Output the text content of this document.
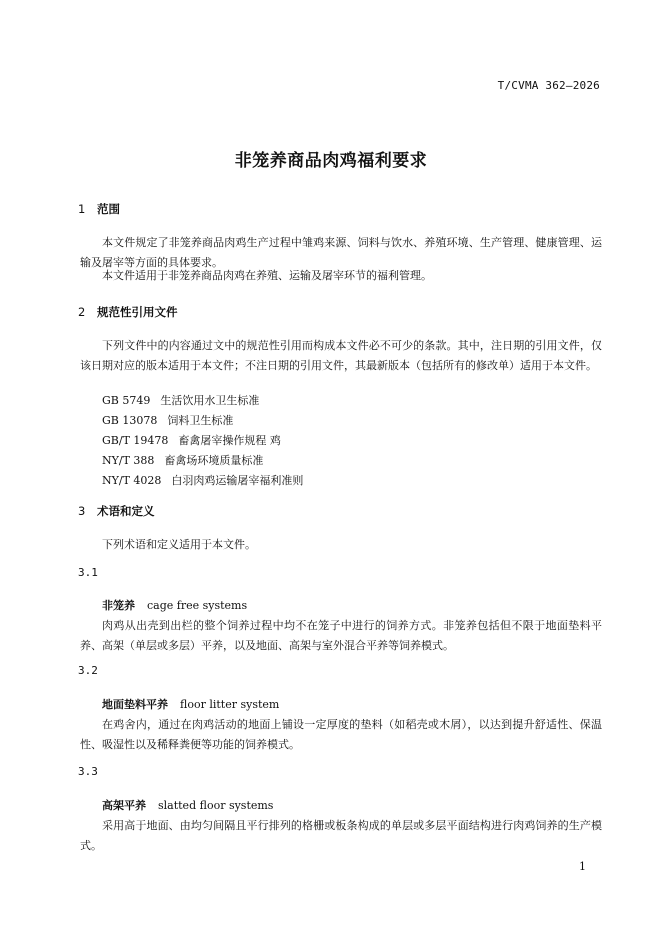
T/CVMA 362—2026
非笼养商品肉鸡福利要求
1 范围
本文件规定了非笼养商品肉鸡生产过程中雏鸡来源、饲料与饮水、养殖环境、生产管理、健康管理、运输及屠宰等方面的具体要求。
本文件适用于非笼养商品肉鸡在养殖、运输及屠宰环节的福利管理。
2 规范性引用文件
下列文件中的内容通过文中的规范性引用而构成本文件必不可少的条款。其中，注日期的引用文件，仅该日期对应的版本适用于本文件；不注日期的引用文件，其最新版本（包括所有的修改单）适用于本文件。
GB 5749 生活饮用水卫生标准
GB 13078 饲料卫生标准
GB/T 19478 畜禽屠宰操作规程 鸡
NY/T 388 畜禽场环境质量标准
NY/T 4028 白羽肉鸡运输屠宰福利准则
3 术语和定义
下列术语和定义适用于本文件。
3.1
非笼养 cage free systems
肉鸡从出壳到出栏的整个饲养过程中均不在笼子中进行的饲养方式。非笼养包括但不限于地面垫料平养、高架（单层或多层）平养，以及地面、高架与室外混合平养等饲养模式。
3.2
地面垫料平养 floor litter system
在鸡舍内，通过在肉鸡活动的地面上铺设一定厚度的垫料（如稻壳或木屑），以达到提升舒适性、保温性、吸湿性以及稀释粪便等功能的饲养模式。
3.3
高架平养 slatted floor systems
采用高于地面、由均匀间隔且平行排列的格栅或板条构成的单层或多层平面结构进行肉鸡饲养的生产模式。
1
